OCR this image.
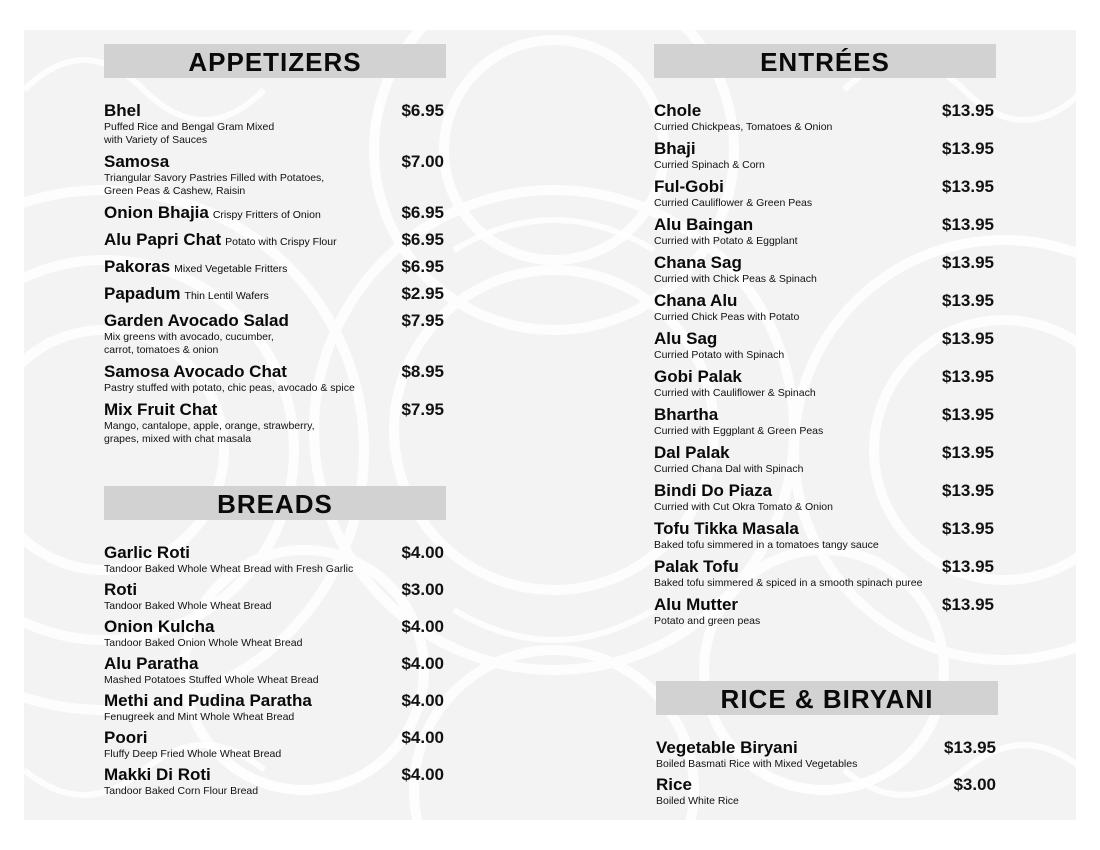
APPETIZERS
Bhel	$6.95
Puffed Rice and Bengal Gram Mixed
with Variety of Sauces
Samosa	$7.00
Triangular Savory Pastries Filled with Potatoes,
Green Peas & Cashew, Raisin
Onion Bhajia Crispy Fritters of Onion	$6.95
Alu Papri Chat Potato with Crispy Flour	$6.95
Pakoras Mixed Vegetable Fritters	$6.95
Papadum Thin Lentil Wafers	$2.95
Garden Avocado Salad	$7.95
Mix greens with avocado, cucumber,
carrot, tomatoes & onion
Samosa Avocado Chat	$8.95
Pastry stuffed with potato, chic peas, avocado & spice
Mix Fruit Chat	$7.95
Mango, cantalope, apple, orange, strawberry,
grapes, mixed with chat masala
BREADS
Garlic Roti	$4.00
Tandoor Baked Whole Wheat Bread with Fresh Garlic
Roti	$3.00
Tandoor Baked Whole Wheat Bread
Onion Kulcha	$4.00
Tandoor Baked Onion Whole Wheat Bread
Alu Paratha	$4.00
Mashed Potatoes Stuffed Whole Wheat Bread
Methi and Pudina Paratha	$4.00
Fenugreek and Mint Whole Wheat Bread
Poori	$4.00
Fluffy Deep Fried Whole Wheat Bread
Makki Di Roti	$4.00
Tandoor Baked Corn Flour Bread
ENTRÉES
Chole	$13.95
Curried Chickpeas, Tomatoes & Onion
Bhaji	$13.95
Curried Spinach & Corn
Ful-Gobi	$13.95
Curried Cauliflower & Green Peas
Alu Baingan	$13.95
Curried with Potato & Eggplant
Chana Sag	$13.95
Curried with Chick Peas & Spinach
Chana Alu	$13.95
Curried Chick Peas with Potato
Alu Sag	$13.95
Curried Potato with Spinach
Gobi Palak	$13.95
Curried with Cauliflower & Spinach
Bhartha	$13.95
Curried with Eggplant & Green Peas
Dal Palak	$13.95
Curried Chana Dal with Spinach
Bindi Do Piaza	$13.95
Curried with Cut Okra Tomato & Onion
Tofu Tikka Masala	$13.95
Baked tofu simmered in a tomatoes tangy sauce
Palak Tofu	$13.95
Baked tofu simmered & spiced in a smooth spinach puree
Alu Mutter	$13.95
Potato and green peas
RICE & BIRYANI
Vegetable Biryani	$13.95
Boiled Basmati Rice with Mixed Vegetables
Rice	$3.00
Boiled White Rice
